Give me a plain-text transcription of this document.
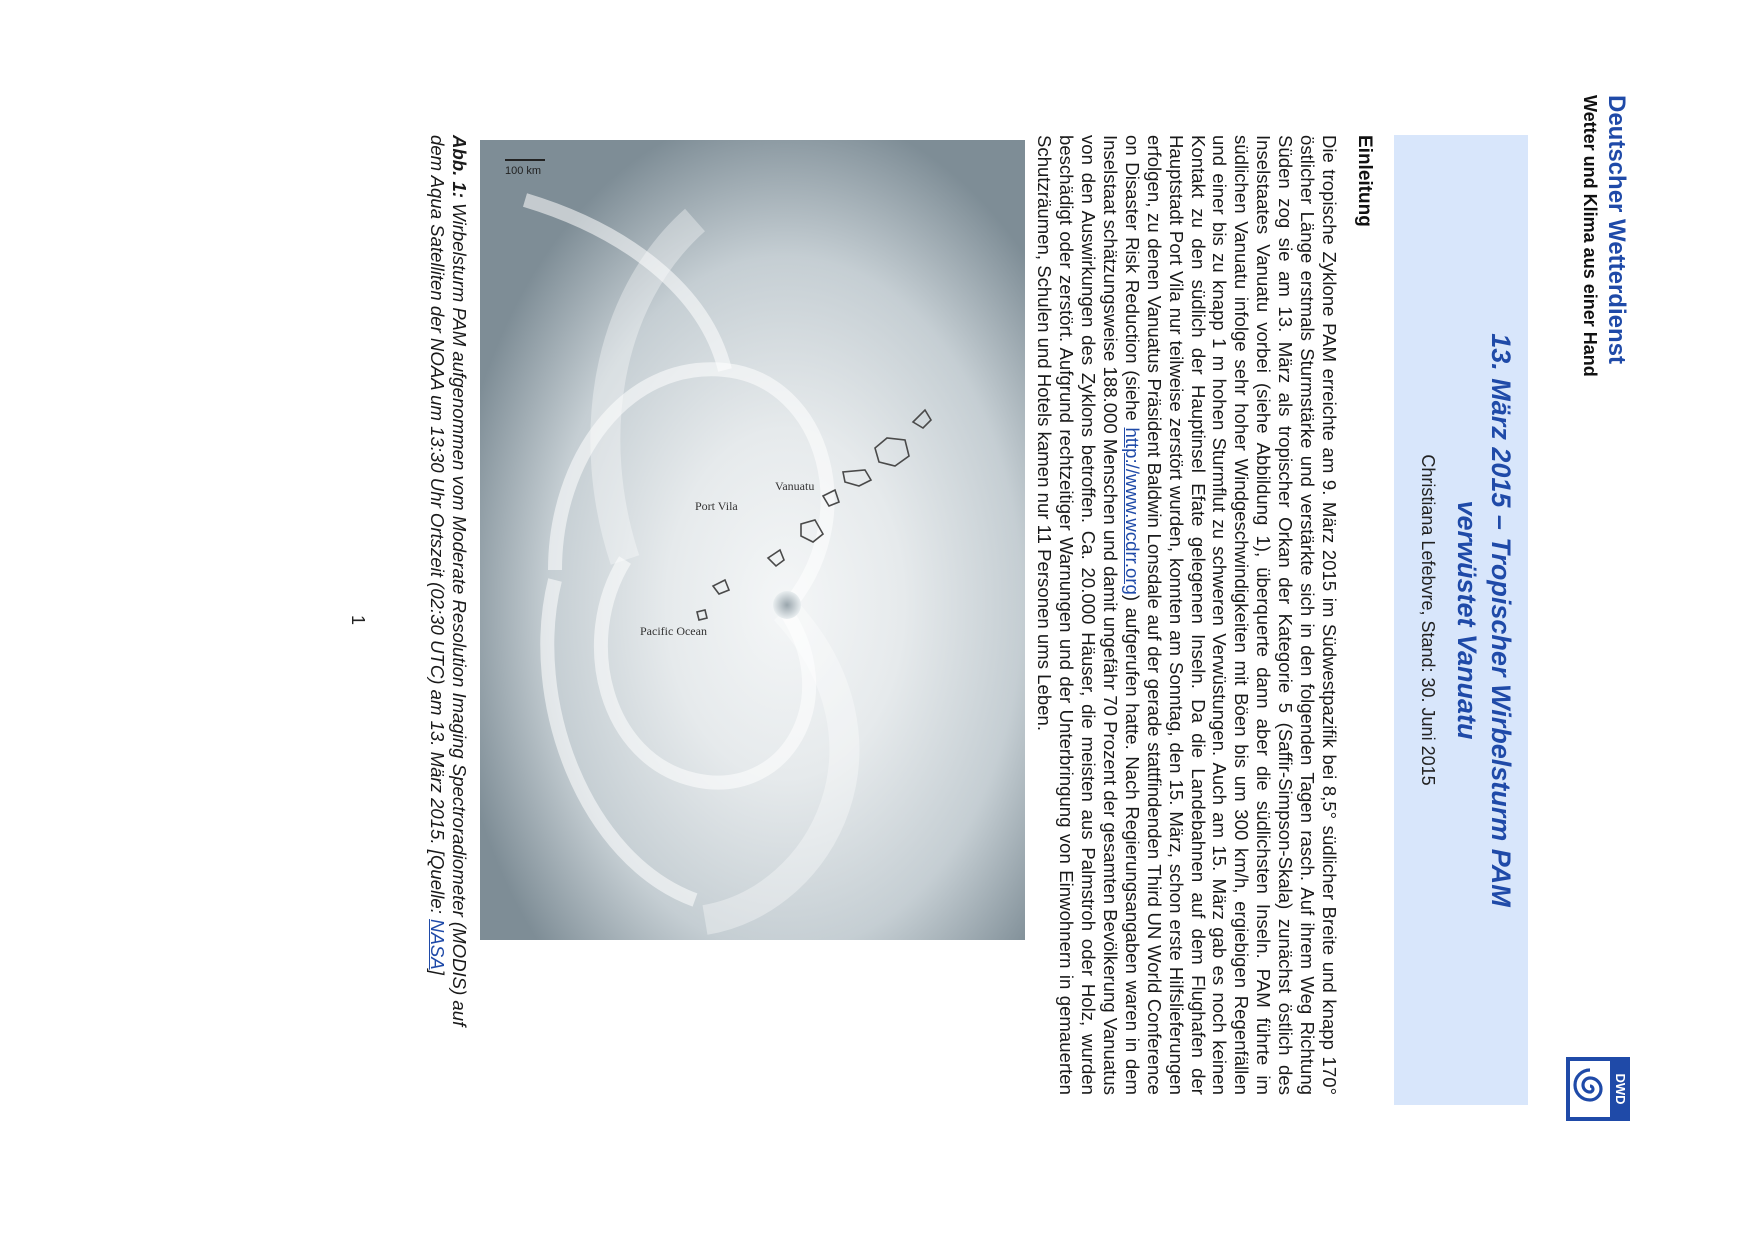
Deutscher Wetterdienst
Wetter und Klima aus einer Hand
DWD
13. März 2015 – Tropischer Wirbelsturm PAM
verwüstet Vanuatu
Christiana Lefebvre, Stand: 30. Juni 2015
Einleitung
Die tropische Zyklone PAM erreichte am 9. März 2015 im Südwestpazifik bei 8,5° südlicher Breite und knapp 170° östlicher Länge erstmals Sturmstärke und verstärkte sich in den folgenden Tagen rasch. Auf ihrem Weg Richtung Süden zog sie am 13. März als tropischer Orkan der Kategorie 5 (Saffir-Simpson-Skala) zunächst östlich des Inselstaates Vanuatu vorbei (siehe Abbildung 1), überquerte dann aber die südlichsten Inseln. PAM führte im südlichen Vanuatu infolge sehr hoher Windgeschwindigkeiten mit Böen bis um 300 km/h, ergiebigen Regenfällen und einer bis zu knapp 1 m hohen Sturmflut zu schweren Verwüstungen. Auch am 15. März gab es noch keinen Kontakt zu den südlich der Hauptinsel Efate gelegenen Inseln. Da die Landebahnen auf dem Flughafen der Hauptstadt Port Vila nur teilweise zerstört wurden, konnten am Sonntag, den 15. März, schon erste Hilfslieferungen erfolgen, zu denen Vanuatus Präsident Baldwin Lonsdale auf der gerade stattfindenden Third UN World Conference on Disaster Risk Reduction (siehe http://www.wcdrr.org) aufgerufen hatte. Nach Regierungsangaben waren in dem Inselstaat schätzungsweise 188.000 Menschen und damit ungefähr 70 Prozent der gesamten Bevölkerung Vanuatus von den Auswirkungen des Zyklons betroffen. Ca. 20.000 Häuser, die meisten aus Palmstroh oder Holz, wurden beschädigt oder zerstört. Aufgrund rechtzeitiger Warnungen und der Unterbringung von Einwohnern in gemauerten Schutzräumen, Schulen und Hotels kamen nur 11 Personen ums Leben.
Pacific Ocean
Vanuatu
Port Vila
100 km
Abb. 1: Wirbelsturm PAM aufgenommen vom Moderate Resolution Imaging Spectroradiometer (MODIS) auf dem Aqua Satelliten der NOAA um 13:30 Uhr Ortszeit (02:30 UTC) am 13. März 2015. [Quelle: NASA]
1
